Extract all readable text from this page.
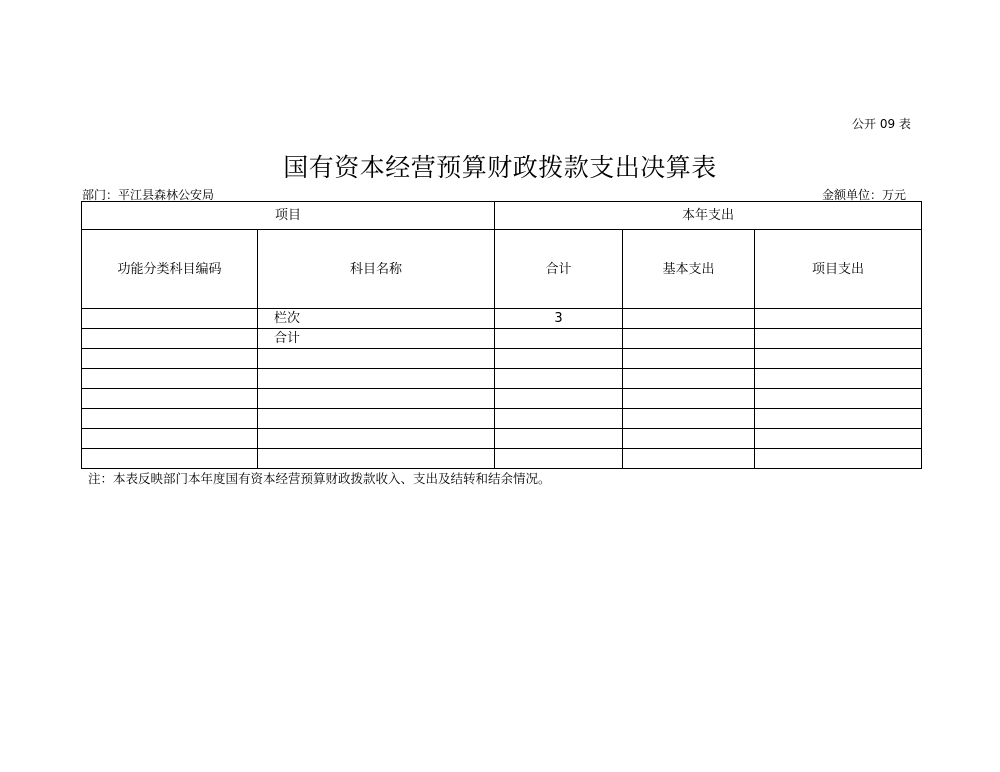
公开 09 表
国有资本经营预算财政拨款支出决算表
部门：平江县森林公安局	金额单位：万元
项目		本年支出		
功能分类科目编码	科目名称	合计	基本支出	项目支出
	栏次	3		
	合计			

注：本表反映部门本年度国有资本经营预算财政拨款收入、支出及结转和结余情况。
